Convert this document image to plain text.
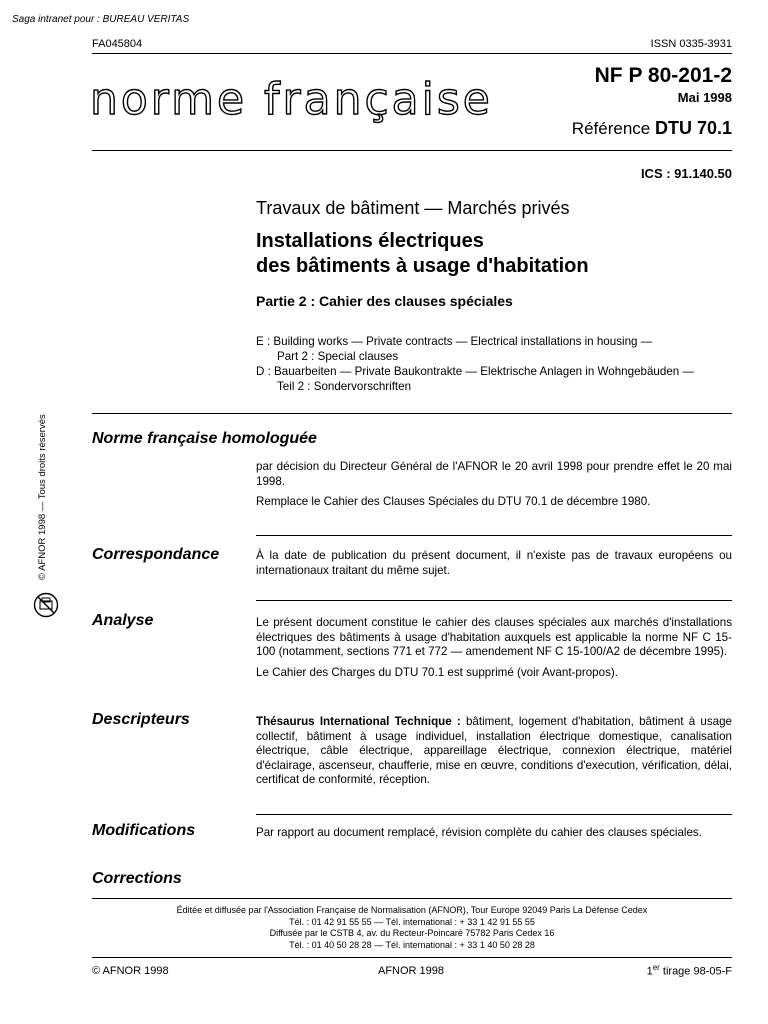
Saga intranet pour : BUREAU VERITAS
FA045804	ISSN 0335-3931
norme française	NF P 80-201-2
Mai 1998
Référence DTU 70.1
ICS : 91.140.50
Travaux de bâtiment — Marchés privés
Installations électriques
des bâtiments à usage d'habitation
Partie 2 : Cahier des clauses spéciales
E : Building works — Private contracts — Electrical installations in housing —
Part 2 : Special clauses
D : Bauarbeiten — Private Baukontrakte — Elektrische Anlagen in Wohngebäuden —
Teil 2 : Sondervorschriften
© AFNOR 1998 — Tous droits réservés	Norme française homologuée

par décision du Directeur Général de l'AFNOR le 20 avril 1998 pour prendre effet le 20 mai 1998.

Remplace le Cahier des Clauses Spéciales du DTU 70.1 de décembre 1980.

Correspondance	À la date de publication du présent document, il n'existe pas de travaux européens ou internationaux traitant du même sujet.

Analyse	Le présent document constitue le cahier des clauses spéciales aux marchés d'installations électriques des bâtiments à usage d'habitation auxquels est applicable la norme NF C 15-100 (notamment, sections 771 et 772 — amendement NF C 15-100/A2 de décembre 1995).

Le Cahier des Charges du DTU 70.1 est supprimé (voir Avant-propos).

Descripteurs	Thésaurus International Technique : bâtiment, logement d'habitation, bâtiment à usage collectif, bâtiment à usage individuel, installation électrique domestique, canalisation électrique, câble électrique, appareillage électrique, connexion électrique, matériel d'éclairage, ascenseur, chaufferie, mise en œuvre, conditions d'execution, vérification, délai, certificat de conformité, réception.

Modifications	Par rapport au document remplacé, révision complète du cahier des clauses spéciales.

Corrections
Éditée et diffusée par l'Association Française de Normalisation (AFNOR), Tour Europe 92049 Paris La Défense Cedex
Tél. : 01 42 91 55 55 — Tél. international : + 33 1 42 91 55 55
Diffusée par le CSTB 4, av. du Recteur-Poincaré 75782 Paris Cedex 16
Tél. : 01 40 50 28 28 — Tél. international : + 33 1 40 50 28 28
© AFNOR 1998	AFNOR 1998	1er tirage 98-05-F
